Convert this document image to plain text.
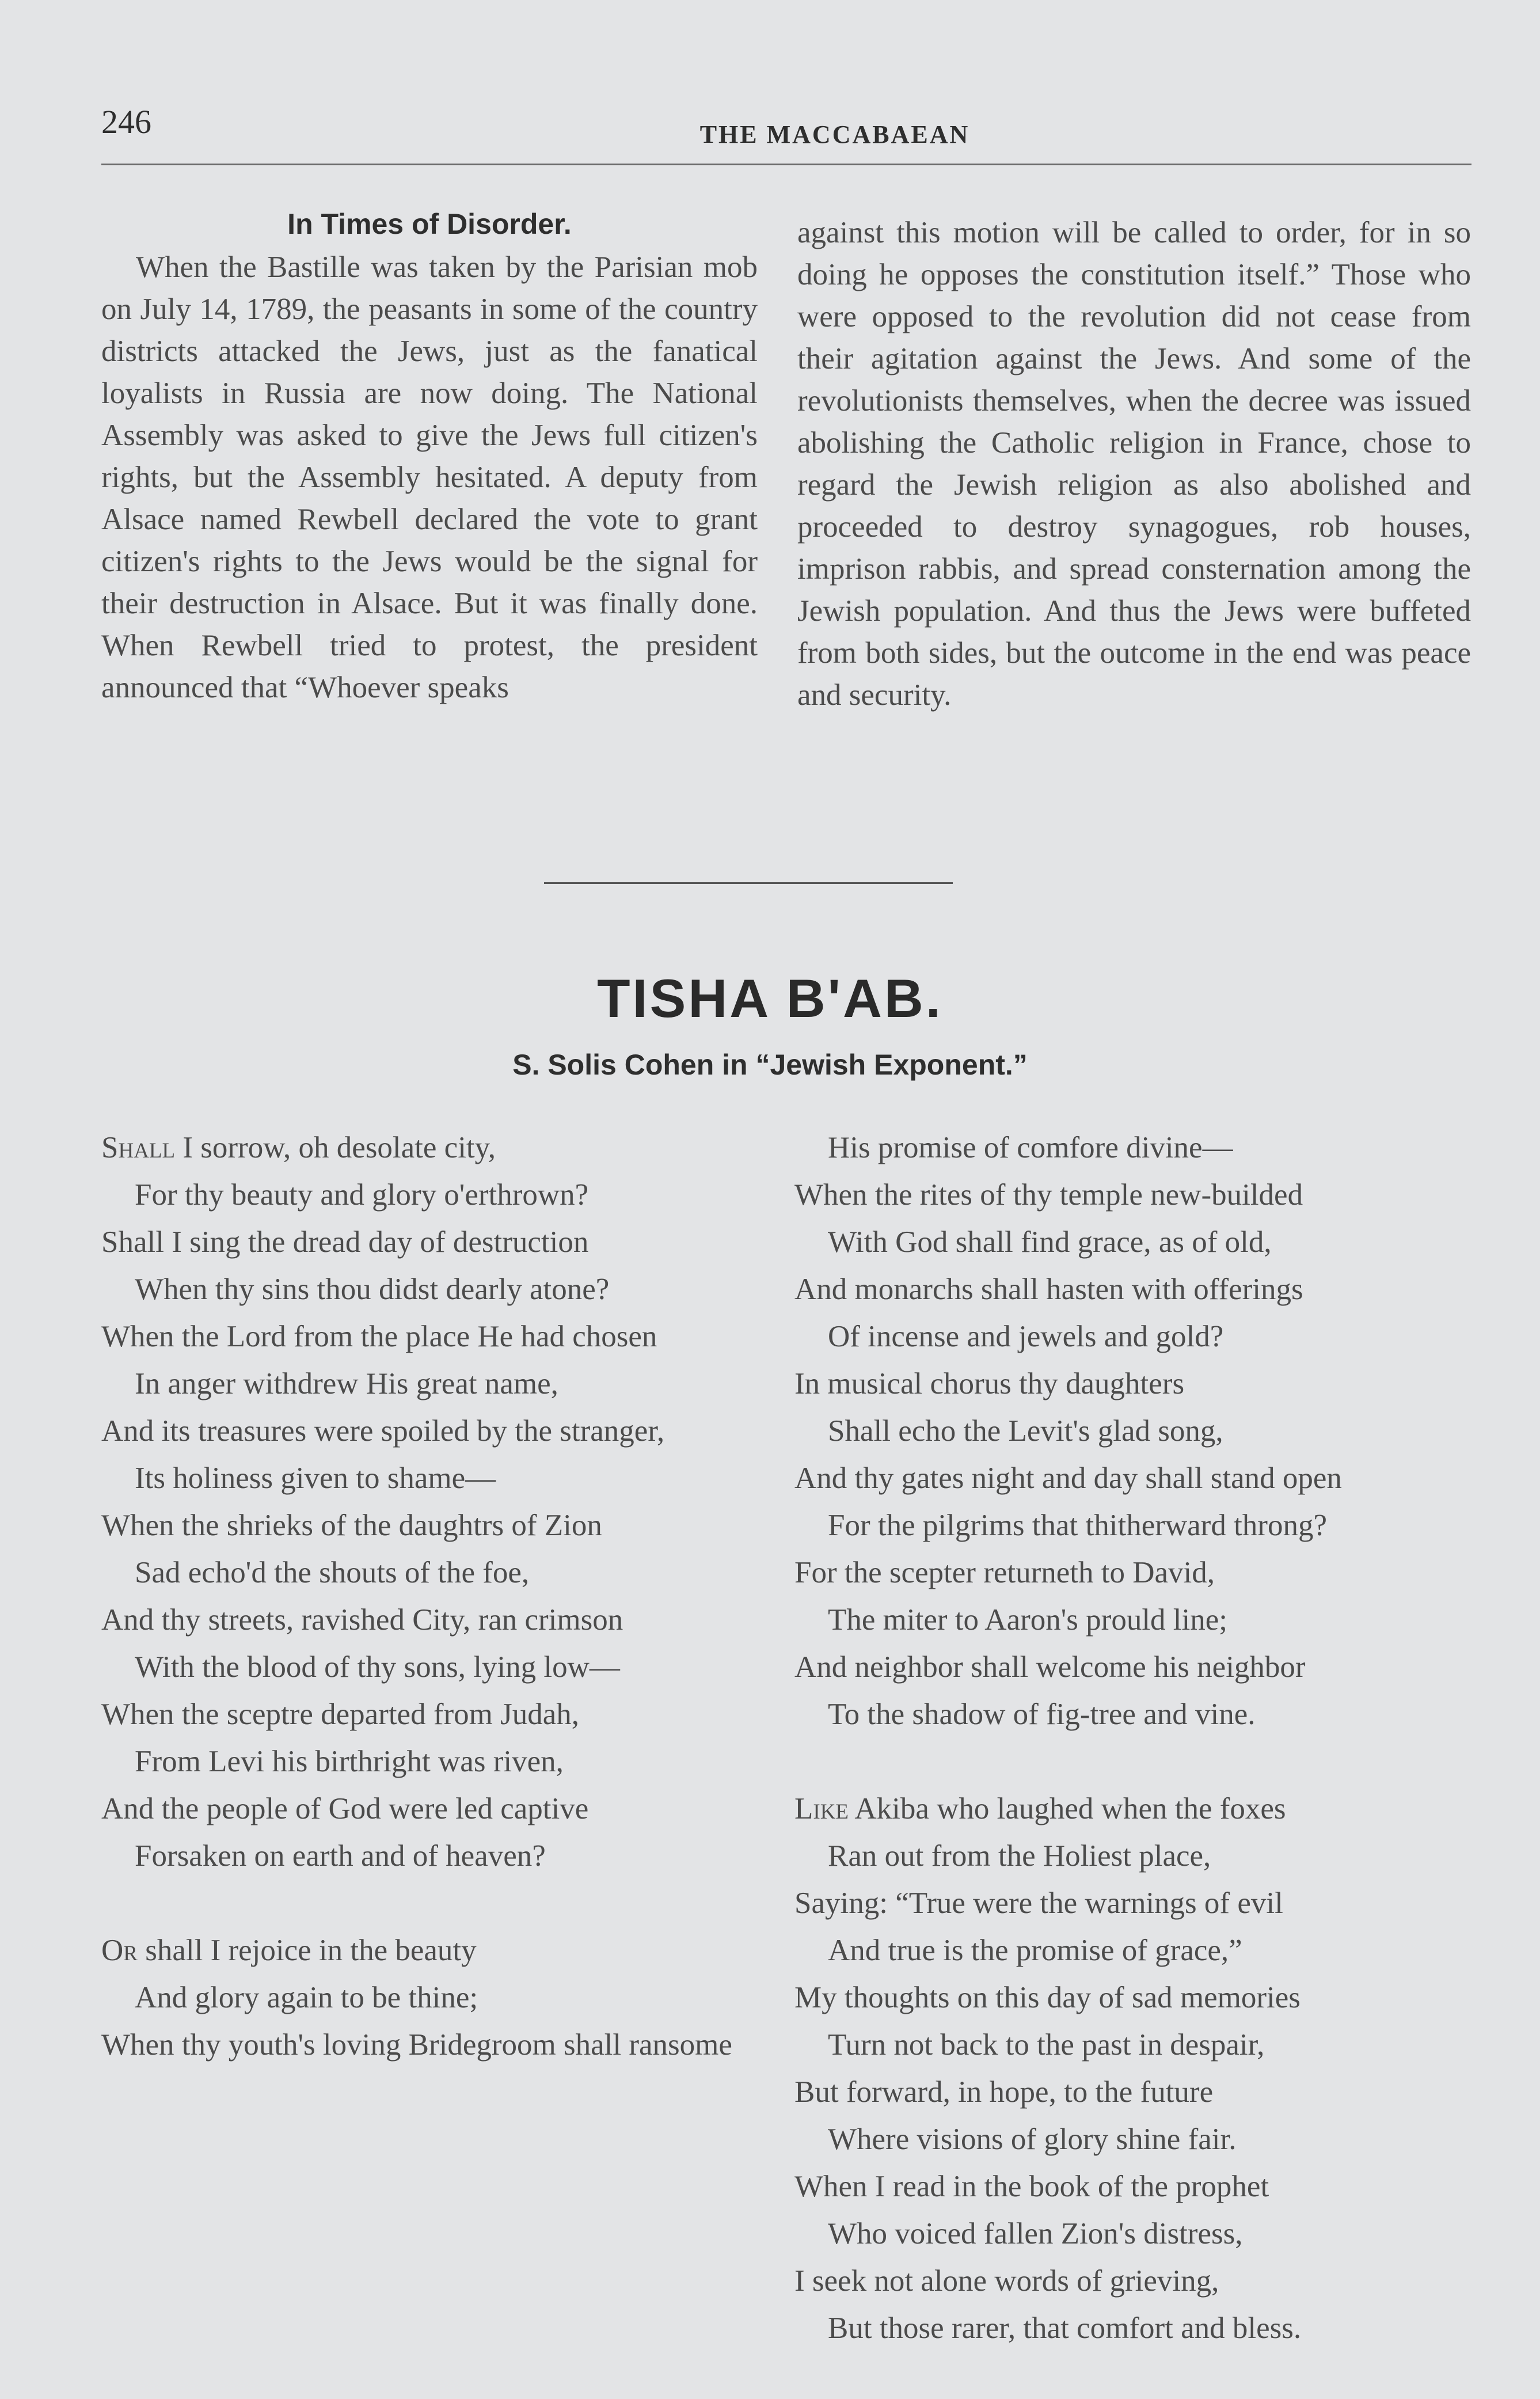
246	THE MACCABAEAN
In Times of Disorder.

When the Bastille was taken by the Parisian mob on July 14, 1789, the peasants in some of the country districts attacked the Jews, just as the fanatical loyalists in Russia are now doing. The National Assembly was asked to give the Jews full citizen's rights, but the Assembly hesitated. A deputy from Alsace named Rewbell declared the vote to grant citizen's rights to the Jews would be the signal for their destruction in Alsace. But it was finally done. When Rewbell tried to protest, the president announced that “Whoever speaks

against this motion will be called to order, for in so doing he opposes the constitution itself.” Those who were opposed to the revolution did not cease from their agitation against the Jews. And some of the revolutionists themselves, when the decree was issued abolishing the Catholic religion in France, chose to regard the Jewish religion as also abolished and proceeded to destroy synagogues, rob houses, imprison rabbis, and spread consternation among the Jewish population. And thus the Jews were buffeted from both sides, but the outcome in the end was peace and security.

TISHA B'AB.
S. Solis Cohen in “Jewish Exponent.”
Shall I sorrow, oh desolate city,
For thy beauty and glory o'erthrown?
Shall I sing the dread day of destruction
When thy sins thou didst dearly atone?
When the Lord from the place He had chosen
In anger withdrew His great name,
And its treasures were spoiled by the stranger,
Its holiness given to shame—
When the shrieks of the daughtrs of Zion
Sad echo'd the shouts of the foe,
And thy streets, ravished City, ran crimson
With the blood of thy sons, lying low—
When the sceptre departed from Judah,
From Levi his birthright was riven,
And the people of God were led captive
Forsaken on earth and of heaven?
Or shall I rejoice in the beauty
And glory again to be thine;
When thy youth's loving Bridegroom shall ransome
His promise of comfore divine—
When the rites of thy temple new-builded
With God shall find grace, as of old,
And monarchs shall hasten with offerings
Of incense and jewels and gold?
In musical chorus thy daughters
Shall echo the Levit's glad song,
And thy gates night and day shall stand open
For the pilgrims that thitherward throng?
For the scepter returneth to David,
The miter to Aaron's prould line;
And neighbor shall welcome his neighbor
To the shadow of fig-tree and vine.
Like Akiba who laughed when the foxes
Ran out from the Holiest place,
Saying: “True were the warnings of evil
And true is the promise of grace,”
My thoughts on this day of sad memories
Turn not back to the past in despair,
But forward, in hope, to the future
Where visions of glory shine fair.
When I read in the book of the prophet
Who voiced fallen Zion's distress,
I seek not alone words of grieving,
But those rarer, that comfort and bless.
